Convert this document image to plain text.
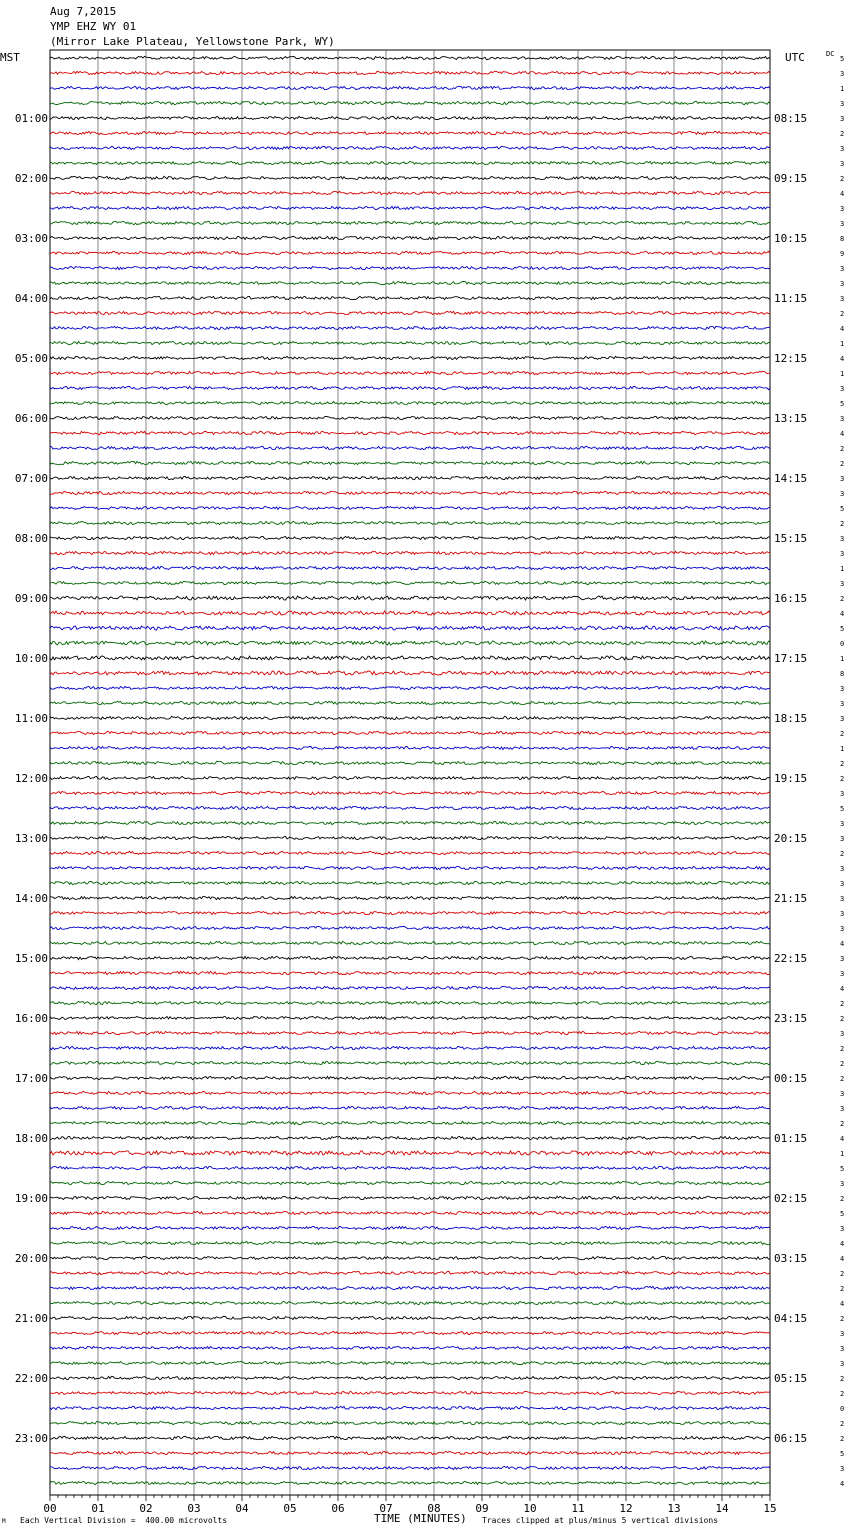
Aug 7,2015
YMP EHZ WY 01
(Mirror Lake Plateau, Yellowstone Park, WY)
MST	UTC	DC
5
3
1
3
3
2
3
3
2
4
3
3
8
9
3
3
3
2
4
1
4
1
3
5
3
4
2
2
3
3
5
2
3
3
1
3
2
4
5
0
1
8
3
3
3
2
1
2
2
3
5
3
3
2
3
3
3
3
3
4
3
3
4
2
2
3
2
2
2
3
3
2
4
1
5
3
2
5
3
4
4
2
2
4
2
3
3
3
2
2
0
2
2
5
3
4
01:00	08:15
02:00	09:15
03:00	10:15
04:00	11:15
05:00	12:15
06:00	13:15
07:00	14:15
08:00	15:15
09:00	16:15
10:00	17:15
11:00	18:15
12:00	19:15
13:00	20:15
14:00	21:15
15:00	22:15
16:00	23:15
17:00	00:15
18:00	01:15
19:00	02:15
20:00	03:15
21:00	04:15
22:00	05:15
23:00	06:15
00	01	02	03	04	05	06	07	08	09	10	11	12	13	14	15
M Each Vertical Division =  400.00 microvolts	TIME (MINUTES) Traces clipped at plus/minus 5 vertical divisions
